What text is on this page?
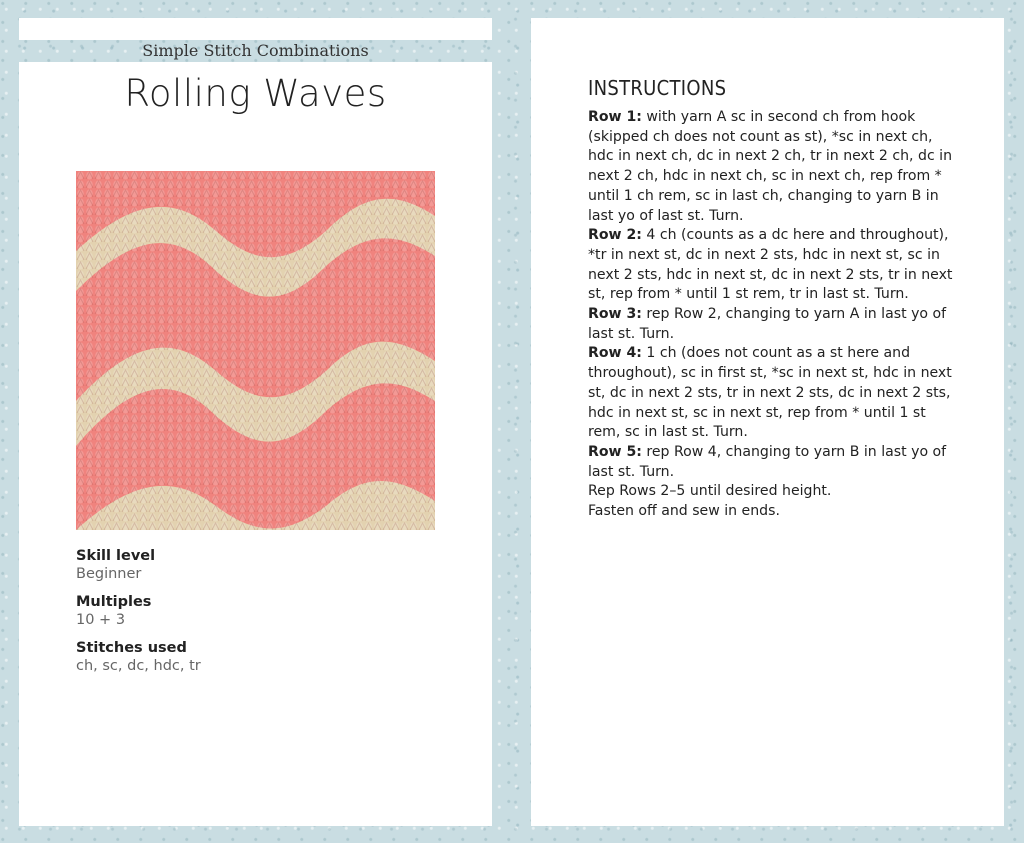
Simple Stitch Combinations
Rolling Waves

Skill level

Beginner

Multiples

10 + 3

Stitches used

ch, sc, dc, hdc, tr

INSTRUCTIONS

Row 1: with yarn A sc in second ch from hook (skipped ch does not count as st), *sc in next ch, hdc in next ch, dc in next 2 ch, tr in next 2 ch, dc in next 2 ch, hdc in next ch, sc in next ch, rep from * until 1 ch rem, sc in last ch, changing to yarn B in last yo of last st. Turn.

Row 2: 4 ch (counts as a dc here and throughout), *tr in next st, dc in next 2 sts, hdc in next st, sc in next 2 sts, hdc in next st, dc in next 2 sts, tr in next st, rep from * until 1 st rem, tr in last st. Turn.

Row 3: rep Row 2, changing to yarn A in last yo of last st. Turn.

Row 4: 1 ch (does not count as a st here and throughout), sc in first st, *sc in next st, hdc in next st, dc in next 2 sts, tr in next 2 sts, dc in next 2 sts, hdc in next st, sc in next st, rep from * until 1 st rem, sc in last st. Turn.

Row 5: rep Row 4, changing to yarn B in last yo of last st. Turn.

Rep Rows 2–5 until desired height.

Fasten off and sew in ends.
